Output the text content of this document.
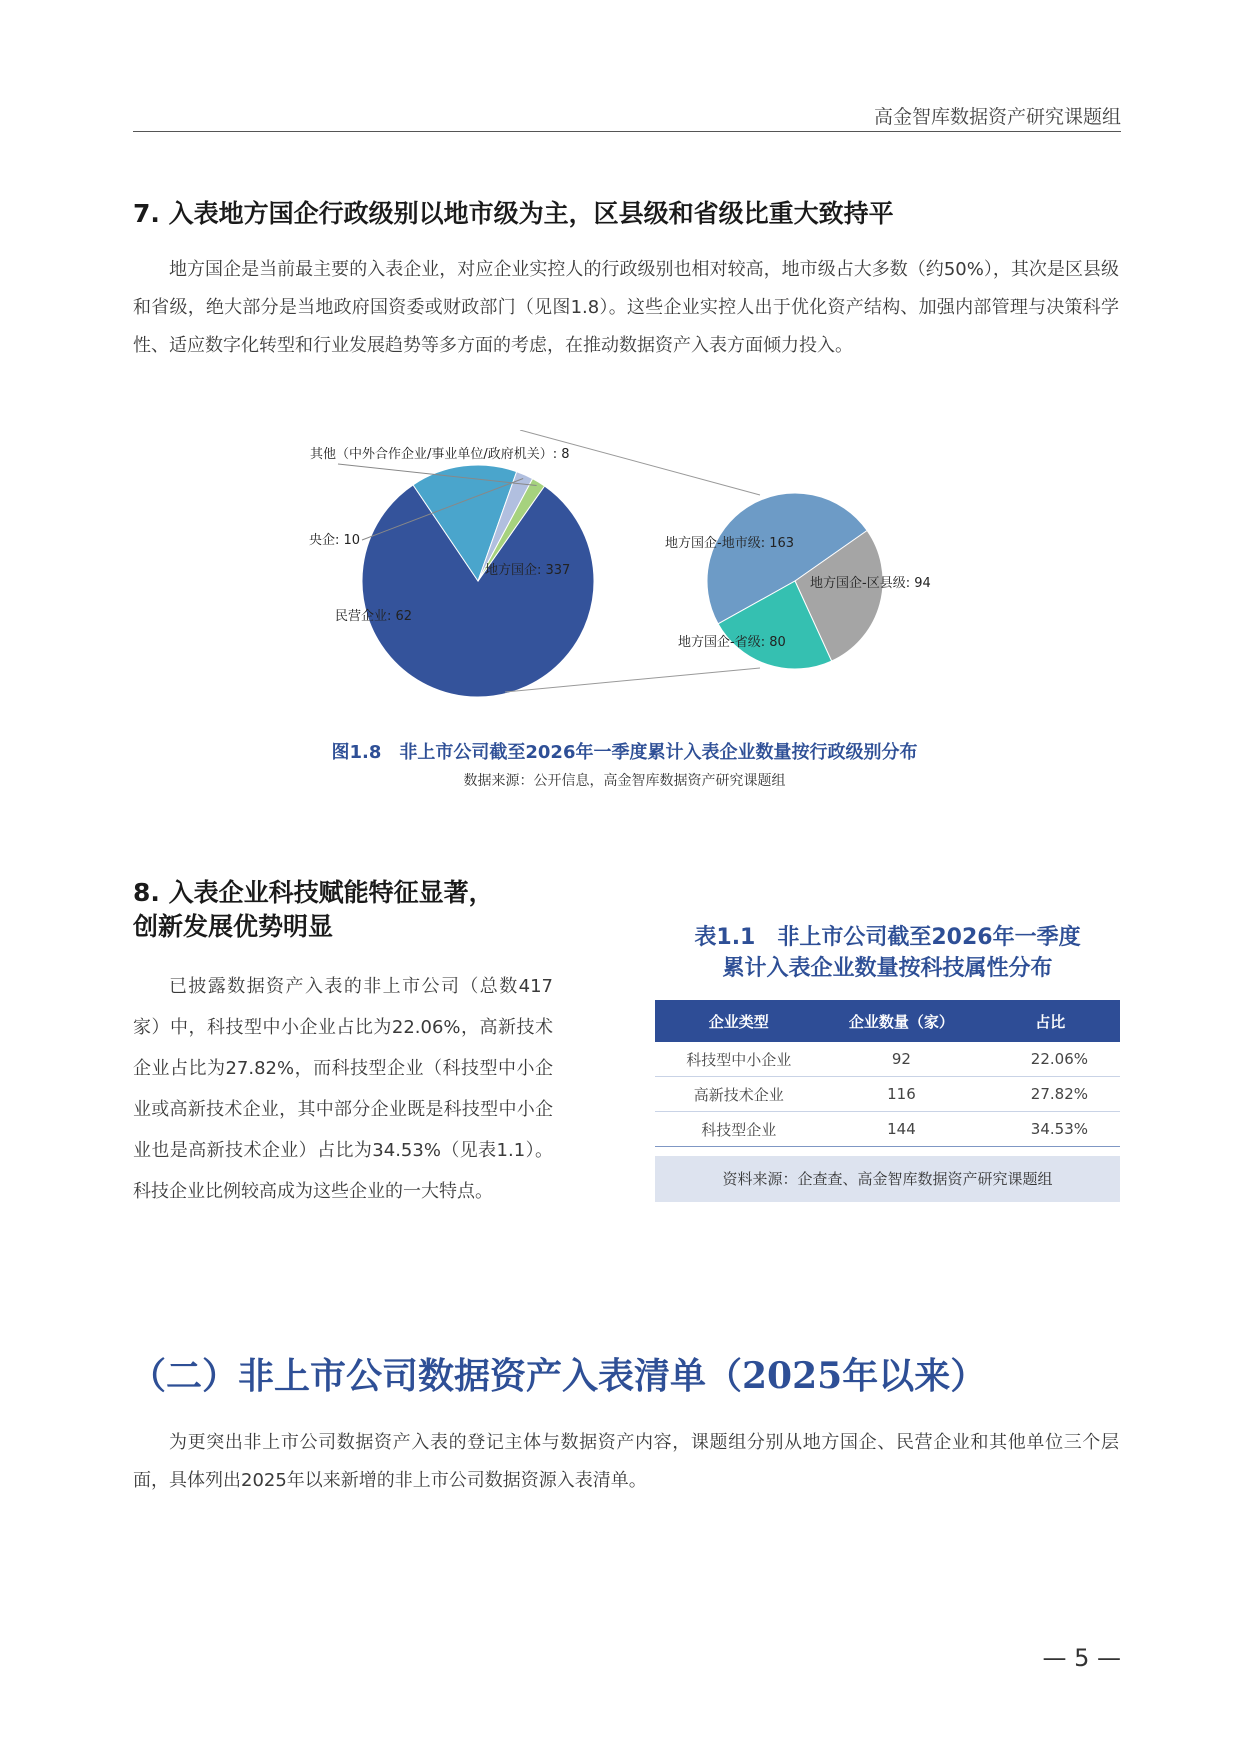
高金智库数据资产研究课题组
7. 入表地方国企行政级别以地市级为主，区县级和省级比重大致持平

地方国企是当前最主要的入表企业，对应企业实控人的行政级别也相对较高，地市级占大多数（约50%），其次是区县级和省级，绝大部分是当地政府国资委或财政部门（见图1.8）。这些企业实控人出于优化资产结构、加强内部管理与决策科学性、适应数字化转型和行业发展趋势等多方面的考虑，在推动数据资产入表方面倾力投入。

地方国企: 337
民营企业: 62
央企: 10
其他（中外合作企业/事业单位/政府机关）: 8
地方国企-地市级: 163
地方国企-区县级: 94
地方国企-省级: 80
图1.8　非上市公司截至2026年一季度累计入表企业数量按行政级别分布
数据来源：公开信息，高金智库数据资产研究课题组
8. 入表企业科技赋能特征显著，
创新发展优势明显

已披露数据资产入表的非上市公司（总数417家）中，科技型中小企业占比为22.06%，高新技术企业占比为27.82%，而科技型企业（科技型中小企业或高新技术企业，其中部分企业既是科技型中小企业也是高新技术企业）占比为34.53%（见表1.1）。科技企业比例较高成为这些企业的一大特点。

表1.1　非上市公司截至2026年一季度
累计入表企业数量按科技属性分布
企业类型	企业数量（家）	占比
科技型中小企业	92	22.06%
高新技术企业	116	27.82%
科技型企业	144	34.53%
资料来源：企查查、高金智库数据资产研究课题组
（二）非上市公司数据资产入表清单（2025年以来）

为更突出非上市公司数据资产入表的登记主体与数据资产内容，课题组分别从地方国企、民营企业和其他单位三个层面，具体列出2025年以来新增的非上市公司数据资源入表清单。

— 5 —
